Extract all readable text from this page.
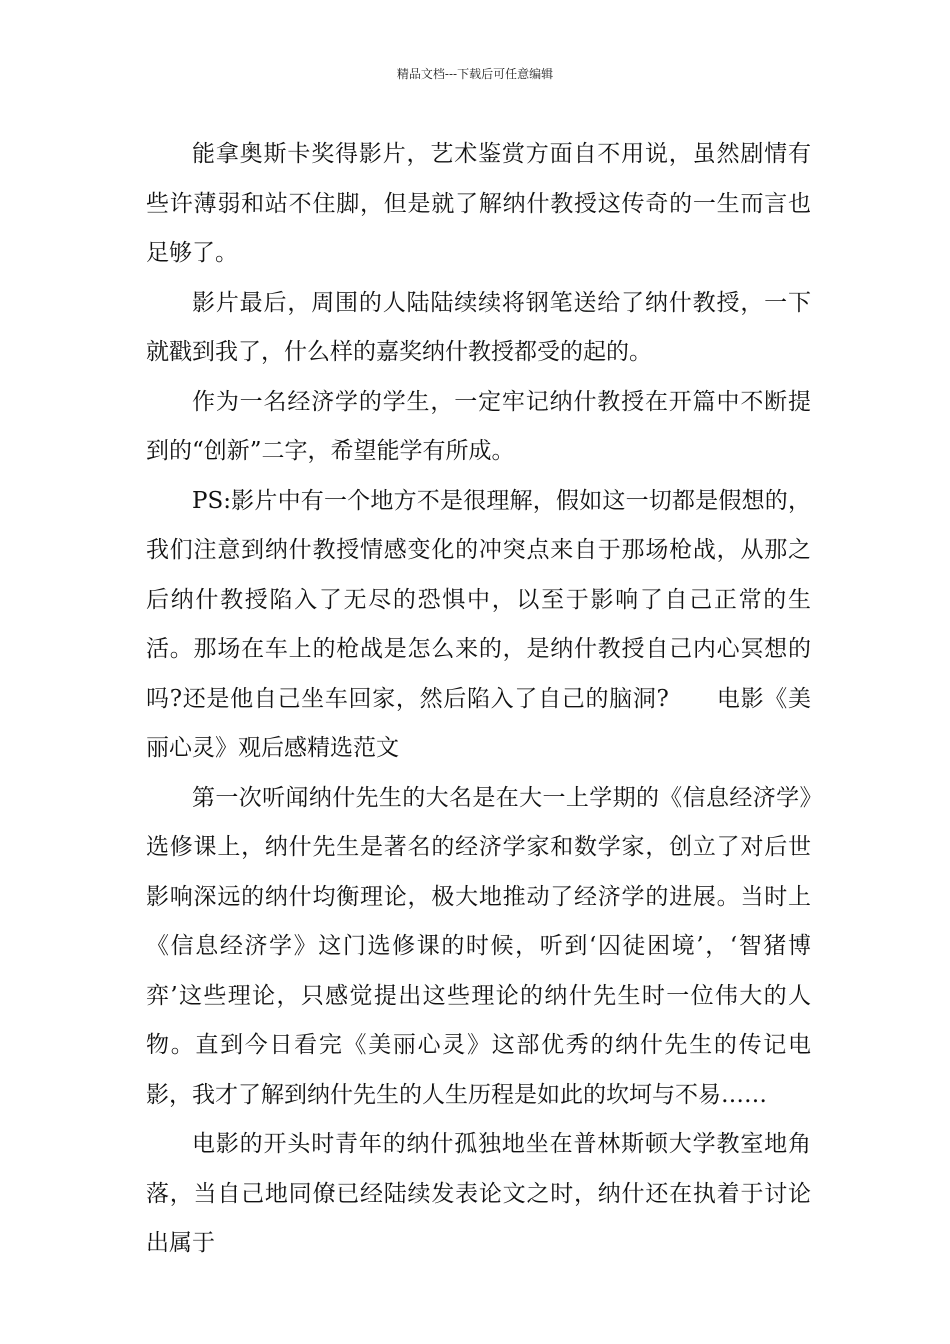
精品文档---下载后可任意编辑

能拿奥斯卡奖得影片，艺术鉴赏方面自不用说，虽然剧情有些许薄弱和站不住脚，但是就了解纳什教授这传奇的一生而言也足够了。

影片最后，周围的人陆陆续续将钢笔送给了纳什教授，一下就戳到我了，什么样的嘉奖纳什教授都受的起的。

作为一名经济学的学生，一定牢记纳什教授在开篇中不断提到的“创新”二字，希望能学有所成。

PS:影片中有一个地方不是很理解，假如这一切都是假想的，我们注意到纳什教授情感变化的冲突点来自于那场枪战，从那之后纳什教授陷入了无尽的恐惧中，以至于影响了自己正常的生活。那场在车上的枪战是怎么来的，是纳什教授自己内心冥想的吗?还是他自己坐车回家，然后陷入了自己的脑洞?　　电影《美丽心灵》观后感精选范文

第一次听闻纳什先生的大名是在大一上学期的《信息经济学》选修课上，纳什先生是著名的经济学家和数学家，创立了对后世影响深远的纳什均衡理论，极大地推动了经济学的进展。当时上《信息经济学》这门选修课的时候，听到‘囚徒困境’，‘智猪博弈’这些理论，只感觉提出这些理论的纳什先生时一位伟大的人物。直到今日看完《美丽心灵》这部优秀的纳什先生的传记电影，我才了解到纳什先生的人生历程是如此的坎坷与不易……

电影的开头时青年的纳什孤独地坐在普林斯顿大学教室地角落，当自己地同僚已经陆续发表论文之时，纳什还在执着于讨论出属于
